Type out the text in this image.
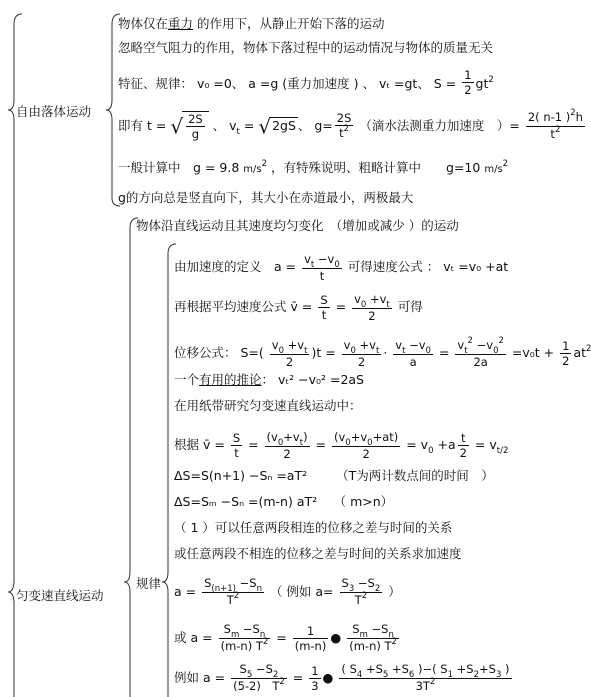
自由落体运动
匀变速直线运动
规律
物体仅在重力 的作用下，从静止开始下落的运动
忽略空气阻力的作用，物体下落过程中的运动情况与物体的质量无关
特征、规律： v₀ =0、 a =g (重力加速度 ) 、 vₜ =gt、 $S = \frac{1}{2} gt^2$
即有 t = √ $\frac{2S}{g}$ 、 $v_t = √2gS$ 、 $g= \frac{2S}{t^2}$ （滴水法测重力加速度　）= $\frac{2( n-1 )^2h}{t^2}$
一般计算中　 g = 9.8 $m/s^2$ ，有特殊说明、粗略计算中　　 g=10 $m/s^2$
g的方向总是竖直向下，其大小在赤道最小，两极最大
物体沿直线运动且其速度均匀变化　（增加或减少 ）的运动
由加速度的定义　$a = \frac{v_t -v_0}{t}$ 可得速度公式 ： vₜ =v₀ +at
再根据平均速度公式 v̄ = $\frac{S}{t} = \frac{v_0 +v_t}{2}$ 可得
位移公式： $S=( \frac{v_0 +v_t}{2} )t = \frac{v_0 +v_t}{2} \cdot \frac{v_t -v_0}{a} = \frac{v_t^2 -v_0^2}{2a} =v_0t + \frac{1}{2} at^2$
一个有用的推论： vₜ² −v₀² =2aS
在用纸带研究匀变速直线运动中：
根据 v̄ = $\frac{S}{t} = \frac{(v_0+v_t)}{2} = \frac{(v_0+v_0+at)}{2} = v_0 +a \frac{t}{2} = v_{t/2}$
ΔS=S(n+1) −Sₙ =aT²　　 （T为两计数点间的时间　）
ΔS=Sₘ −Sₙ =(m-n) aT²　 （ m>n）
（ 1 ）可以任意两段相连的位移之差与时间的关系
或任意两段不相连的位移之差与时间的关系求加速度
$a = \frac{S_{(n+1)} -S_n}{T^2}$ （ 例如 $a= \frac{S_3 -S_2}{T^2}$ ）
或 $a = \frac{S_m -S_n}{(m-n) T^2} = \frac{1}{(m-n)}$ ● $\frac{S_m -S_n}{(m-n) T^2}$
例如 $a = \frac{S_5 -S_2}{(5-2) T^2} = \frac{1}{3}$ ● $\frac{( S_4 +S_5 +S_6 )-( S_1 +S_2+S_3 )}{3T^2}$
